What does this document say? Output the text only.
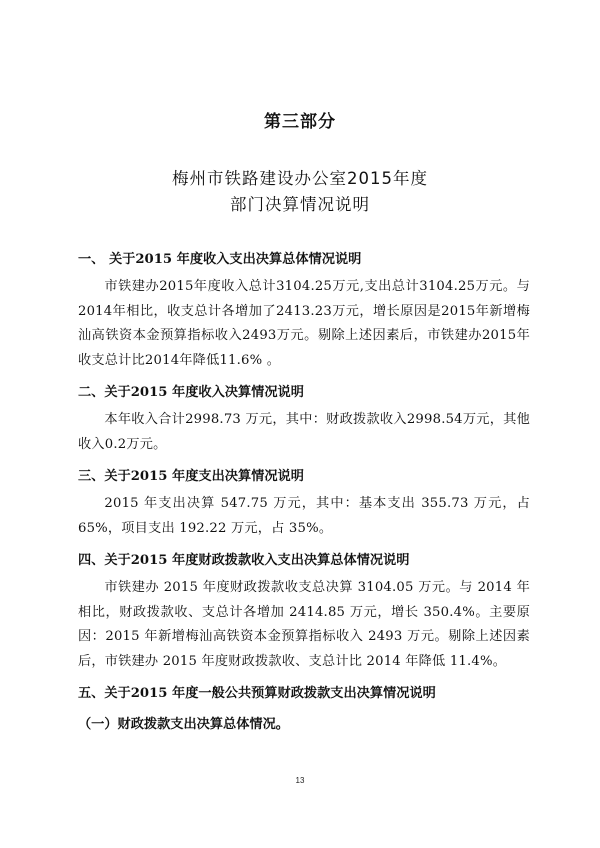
第三部分
梅州市铁路建设办公室2015年度
部门决算情况说明

一、 关于2015 年度收入支出决算总体情况说明

市铁建办2015年度收入总计3104.25万元,支出总计3104.25万元。与2014年相比，收支总计各增加了2413.23万元，增长原因是2015年新增梅汕高铁资本金预算指标收入2493万元。剔除上述因素后，市铁建办2015年收支总计比2014年降低11.6% 。

二、关于2015 年度收入决算情况说明

本年收入合计2998.73 万元，其中：财政拨款收入2998.54万元，其他收入0.2万元。

三、关于2015 年度支出决算情况说明

2015 年支出决算 547.75 万元，其中：基本支出 355.73 万元，占 65%，项目支出 192.22 万元，占 35%。

四、关于2015 年度财政拨款收入支出决算总体情况说明

市铁建办 2015 年度财政拨款收支总决算 3104.05 万元。与 2014 年相比，财政拨款收、支总计各增加 2414.85 万元，增长 350.4%。主要原因：2015 年新增梅汕高铁资本金预算指标收入 2493 万元。剔除上述因素后，市铁建办 2015 年度财政拨款收、支总计比 2014 年降低 11.4%。

五、关于2015 年度一般公共预算财政拨款支出决算情况说明

（一）财政拨款支出决算总体情况。

13
